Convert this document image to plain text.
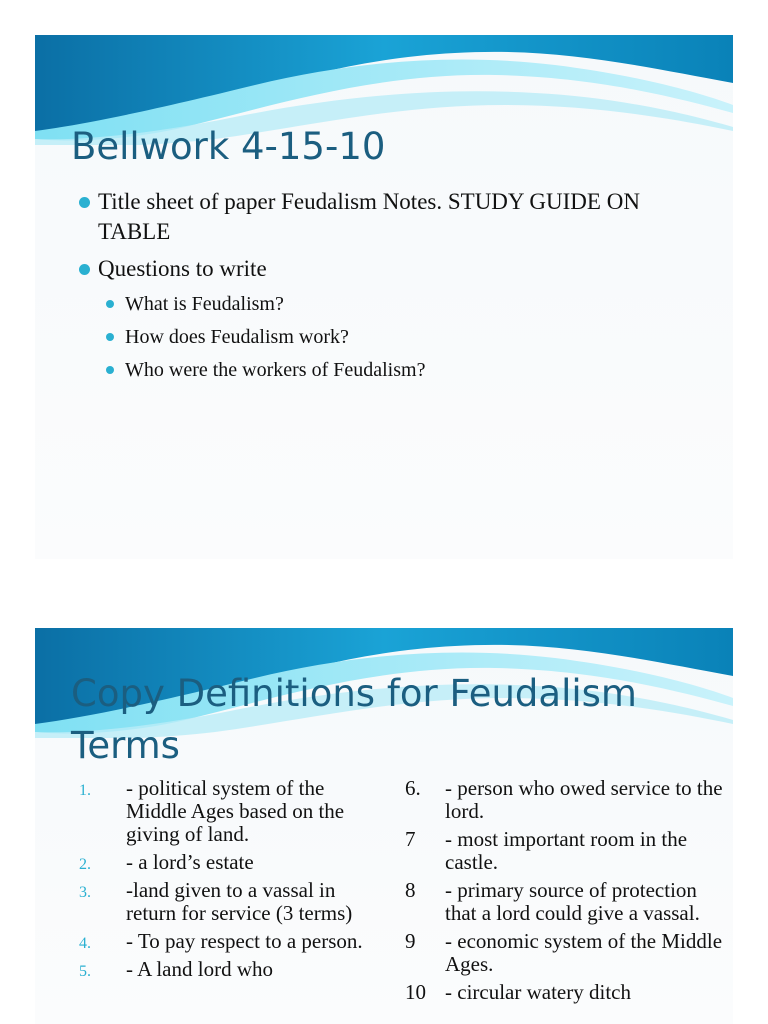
Bellwork 4-15-10
Title sheet of paper Feudalism Notes. STUDY GUIDE ON TABLE
Questions to write
What is Feudalism?
How does Feudalism work?
Who were the workers of Feudalism?
Copy Definitions for Feudalism Terms
1. - political system of the Middle Ages based on the giving of land.
2. - a lord’s estate
3. -land given to a vassal in return for service (3 terms)
4. - To pay respect to a person.
5. - A land lord who
6. - person who owed service to the lord.
7 - most important room in the castle.
8 - primary source of protection that a lord could give a vassal.
9 - economic system of the Middle Ages.
10 - circular watery ditch
